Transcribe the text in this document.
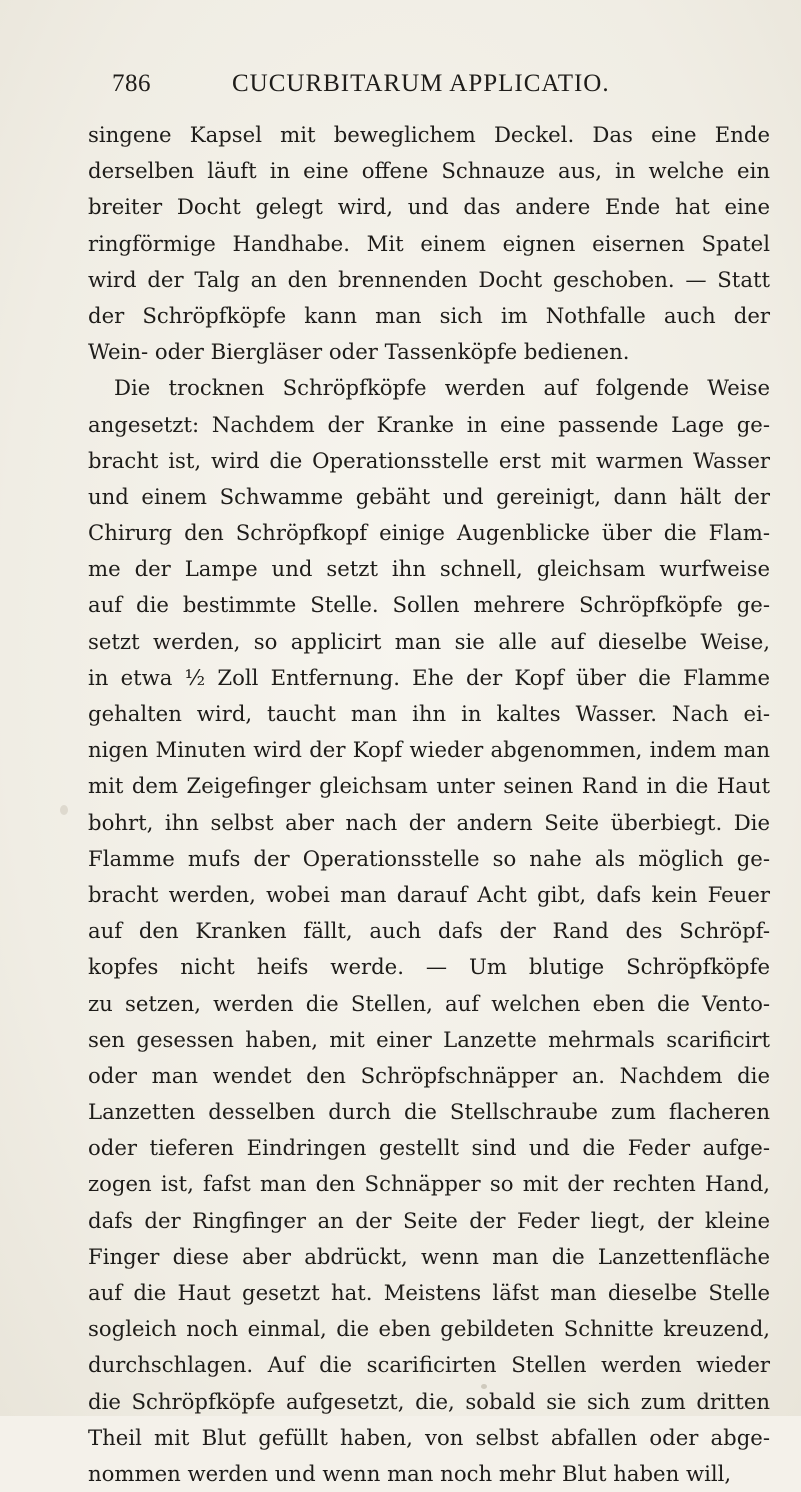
786	CUCURBITARUM APPLICATIO.
singene Kapsel mit beweglichem Deckel. Das eine Ende
derselben läuft in eine offene Schnauze aus, in welche ein
breiter Docht gelegt wird, und das andere Ende hat eine
ringförmige Handhabe. Mit einem eignen eisernen Spatel
wird der Talg an den brennenden Docht geschoben. — Statt
der Schröpfköpfe kann man sich im Nothfalle auch der
Wein- oder Biergläser oder Tassenköpfe bedienen.
Die trocknen Schröpfköpfe werden auf folgende Weise
angesetzt: Nachdem der Kranke in eine passende Lage ge-
bracht ist, wird die Operationsstelle erst mit warmen Wasser
und einem Schwamme gebäht und gereinigt, dann hält der
Chirurg den Schröpfkopf einige Augenblicke über die Flam-
me der Lampe und setzt ihn schnell, gleichsam wurfweise
auf die bestimmte Stelle. Sollen mehrere Schröpfköpfe ge-
setzt werden, so applicirt man sie alle auf dieselbe Weise,
in etwa ½ Zoll Entfernung. Ehe der Kopf über die Flamme
gehalten wird, taucht man ihn in kaltes Wasser. Nach ei-
nigen Minuten wird der Kopf wieder abgenommen, indem man
mit dem Zeigefinger gleichsam unter seinen Rand in die Haut
bohrt, ihn selbst aber nach der andern Seite überbiegt. Die
Flamme mufs der Operationsstelle so nahe als möglich ge-
bracht werden, wobei man darauf Acht gibt, dafs kein Feuer
auf den Kranken fällt, auch dafs der Rand des Schröpf-
kopfes nicht heifs werde. — Um blutige Schröpfköpfe
zu setzen, werden die Stellen, auf welchen eben die Vento-
sen gesessen haben, mit einer Lanzette mehrmals scarificirt
oder man wendet den Schröpfschnäpper an. Nachdem die
Lanzetten desselben durch die Stellschraube zum flacheren
oder tieferen Eindringen gestellt sind und die Feder aufge-
zogen ist, fafst man den Schnäpper so mit der rechten Hand,
dafs der Ringfinger an der Seite der Feder liegt, der kleine
Finger diese aber abdrückt, wenn man die Lanzettenfläche
auf die Haut gesetzt hat. Meistens läfst man dieselbe Stelle
sogleich noch einmal, die eben gebildeten Schnitte kreuzend,
durchschlagen. Auf die scarificirten Stellen werden wieder
die Schröpfköpfe aufgesetzt, die, sobald sie sich zum dritten
Theil mit Blut gefüllt haben, von selbst abfallen oder abge-
nommen werden und wenn man noch mehr Blut haben will,
